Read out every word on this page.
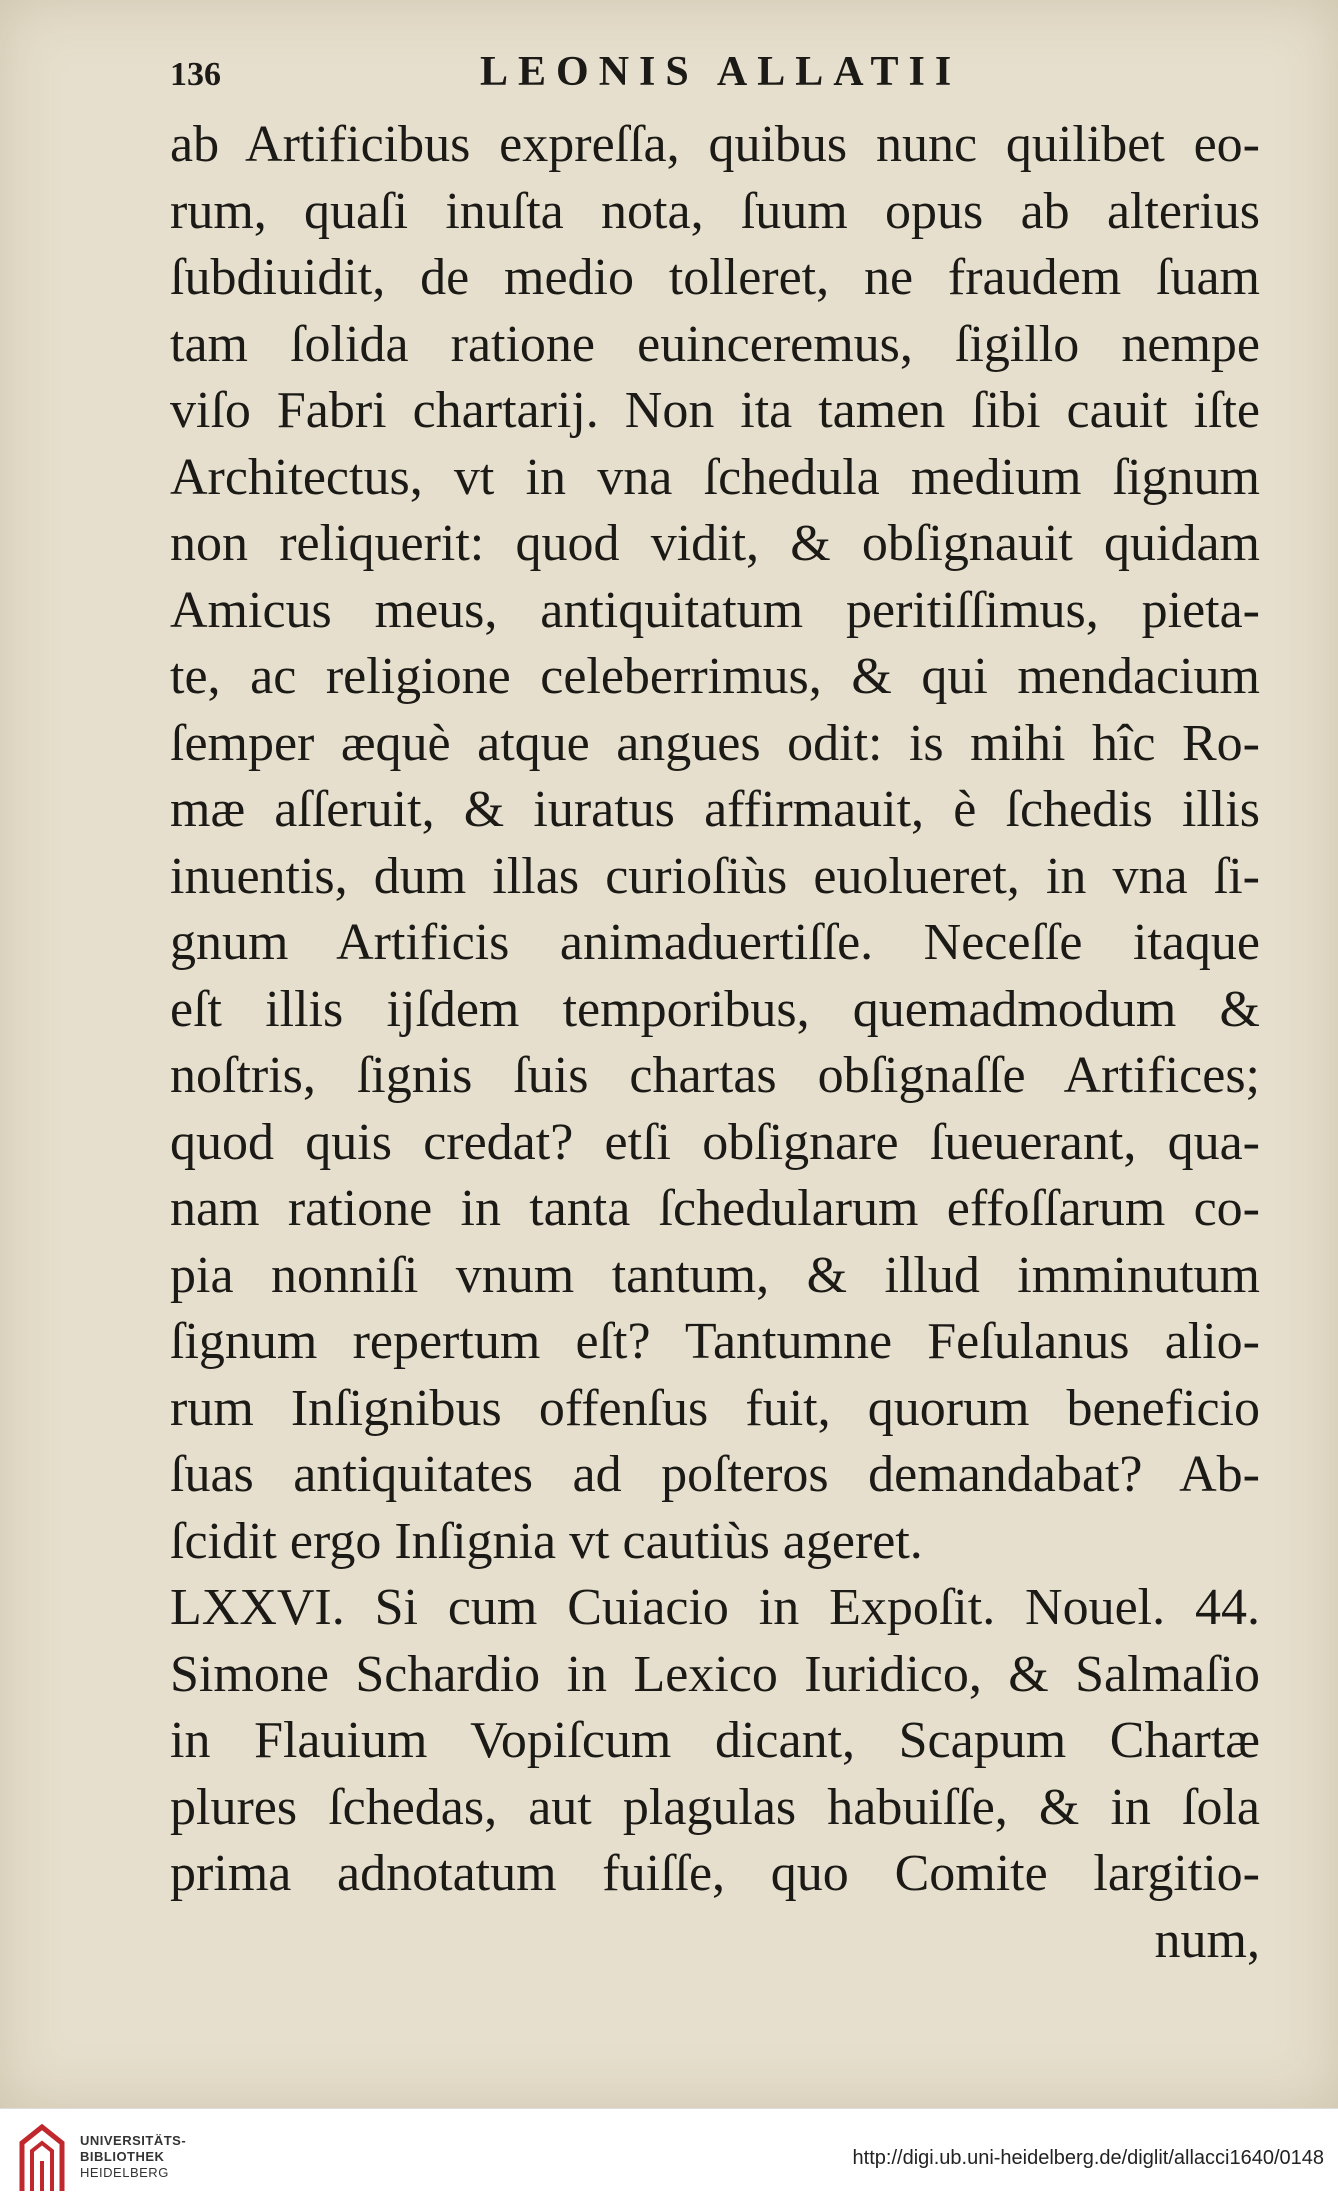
136	LEONIS ALLATII
ab Artificibus expreſſa, quibus nunc quilibet eo-
rum, quaſi inuſta nota, ſuum opus ab alterius
ſubdiuidit, de medio tolleret, ne fraudem ſuam
tam ſolida ratione euinceremus, ſigillo nempe
viſo Fabri chartarij. Non ita tamen ſibi cauit iſte
Architectus, vt in vna ſchedula medium ſignum
non reliquerit: quod vidit, & obſignauit quidam
Amicus meus, antiquitatum peritiſſimus, pieta-
te, ac religione celeberrimus, & qui mendacium
ſemper æquè atque angues odit: is mihi hîc Ro-
mæ aſſeruit, & iuratus affirmauit, è ſchedis illis
inuentis, dum illas curioſiùs euolueret, in vna ſi-
gnum Artificis animaduertiſſe. Neceſſe itaque
eſt illis ijſdem temporibus, quemadmodum &
noſtris, ſignis ſuis chartas obſignaſſe Artifices;
quod quis credat? etſi obſignare ſueuerant, qua-
nam ratione in tanta ſchedularum effoſſarum co-
pia nonniſi vnum tantum, & illud imminutum
ſignum repertum eſt? Tantumne Feſulanus alio-
rum Inſignibus offenſus fuit, quorum beneficio
ſuas antiquitates ad poſteros demandabat? Ab-
ſcidit ergo Inſignia vt cautiùs ageret.
LXXVI. Si cum Cuiacio in Expoſit. Nouel. 44.
Simone Schardio in Lexico Iuridico, & Salmaſio
in Flauium Vopiſcum dicant, Scapum Chartæ
plures ſchedas, aut plagulas habuiſſe, & in ſola
prima adnotatum fuiſſe, quo Comite largitio-
num,
UNIVERSITÄTS-
BIBLIOTHEK
HEIDELBERG
http://digi.ub.uni-heidelberg.de/diglit/allacci1640/0148
